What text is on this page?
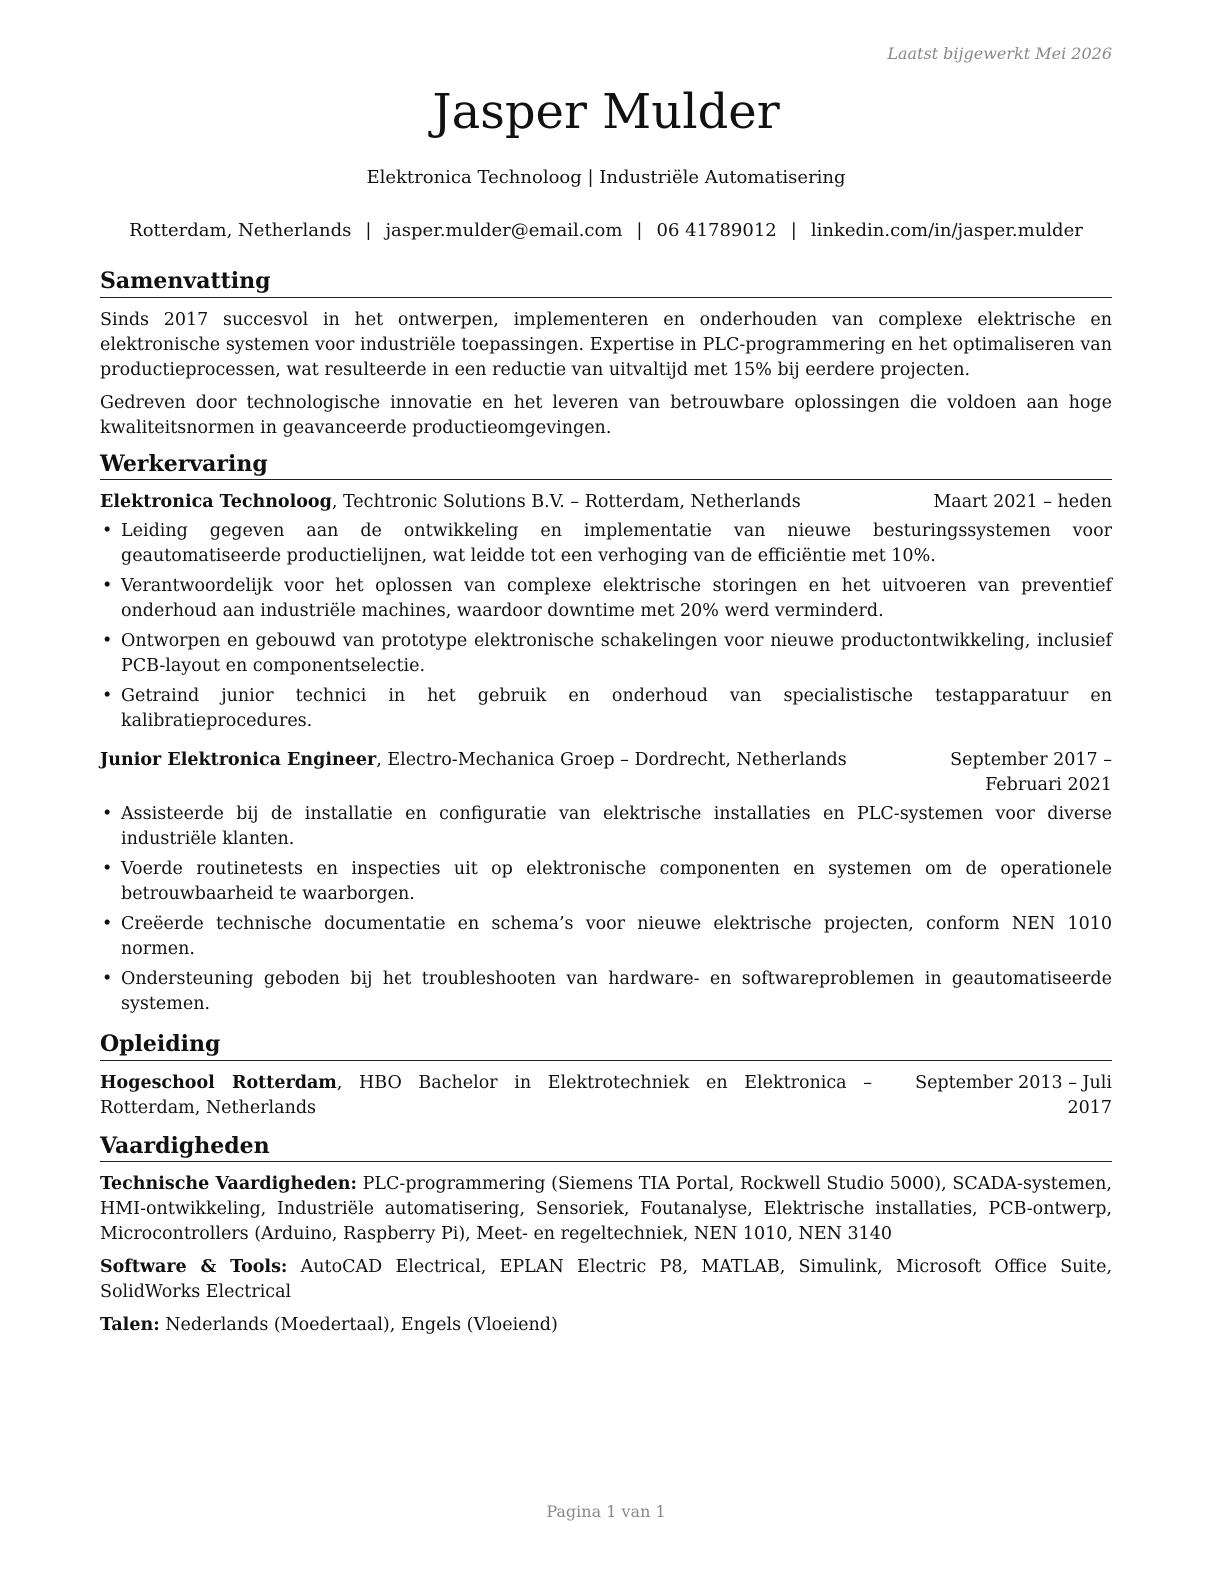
Laatst bijgewerkt Mei 2026
Jasper Mulder
Elektronica Technoloog | Industriële Automatisering
Rotterdam, Netherlands | jasper.mulder@email.com | 06 41789012 | linkedin.com/in/jasper.mulder
Samenvatting

Sinds 2017 succesvol in het ontwerpen, implementeren en onderhouden van complexe elektrische en elektronische systemen voor industriële toepassingen. Expertise in PLC-programmering en het optimaliseren van productieprocessen, wat resulteerde in een reductie van uitvaltijd met 15% bij eerdere projecten.

Gedreven door technologische innovatie en het leveren van betrouwbare oplossingen die voldoen aan hoge kwaliteitsnormen in geavanceerde productieomgevingen.

Werkervaring
Elektronica Technoloog, Techtronic Solutions B.V. – Rotterdam, Netherlands	Maart 2021 – heden
• Leiding gegeven aan de ontwikkeling en implementatie van nieuwe besturingssystemen voor geautomatiseerde productielijnen, wat leidde tot een verhoging van de efficiëntie met 10%.
• Verantwoordelijk voor het oplossen van complexe elektrische storingen en het uitvoeren van preventief onderhoud aan industriële machines, waardoor downtime met 20% werd verminderd.
• Ontworpen en gebouwd van prototype elektronische schakelingen voor nieuwe productontwikkeling, inclusief PCB-layout en componentselectie.
• Getraind junior technici in het gebruik en onderhoud van specialistische testapparatuur en kalibratieprocedures.
Junior Elektronica Engineer, Electro-Mechanica Groep – Dordrecht, Netherlands	September 2017 – Februari 2021
• Assisteerde bij de installatie en configuratie van elektrische installaties en PLC-systemen voor diverse industriële klanten.
• Voerde routinetests en inspecties uit op elektronische componenten en systemen om de operationele betrouwbaarheid te waarborgen.
• Creëerde technische documentatie en schema’s voor nieuwe elektrische projecten, conform NEN 1010 normen.
• Ondersteuning geboden bij het troubleshooten van hardware- en softwareproblemen in geautomatiseerde systemen.
Opleiding
Hogeschool Rotterdam, HBO Bachelor in Elektrotechniek en Elektronica – Rotterdam, Netherlands
September 2013 – Juli 2017
Vaardigheden

Technische Vaardigheden: PLC-programmering (Siemens TIA Portal, Rockwell Studio 5000), SCADA-systemen, HMI-ontwikkeling, Industriële automatisering, Sensoriek, Foutanalyse, Elektrische installaties, PCB-ontwerp, Microcontrollers (Arduino, Raspberry Pi), Meet- en regeltechniek, NEN 1010, NEN 3140

Software & Tools: AutoCAD Electrical, EPLAN Electric P8, MATLAB, Simulink, Microsoft Office Suite, SolidWorks Electrical

Talen: Nederlands (Moedertaal), Engels (Vloeiend)

Pagina 1 van 1
